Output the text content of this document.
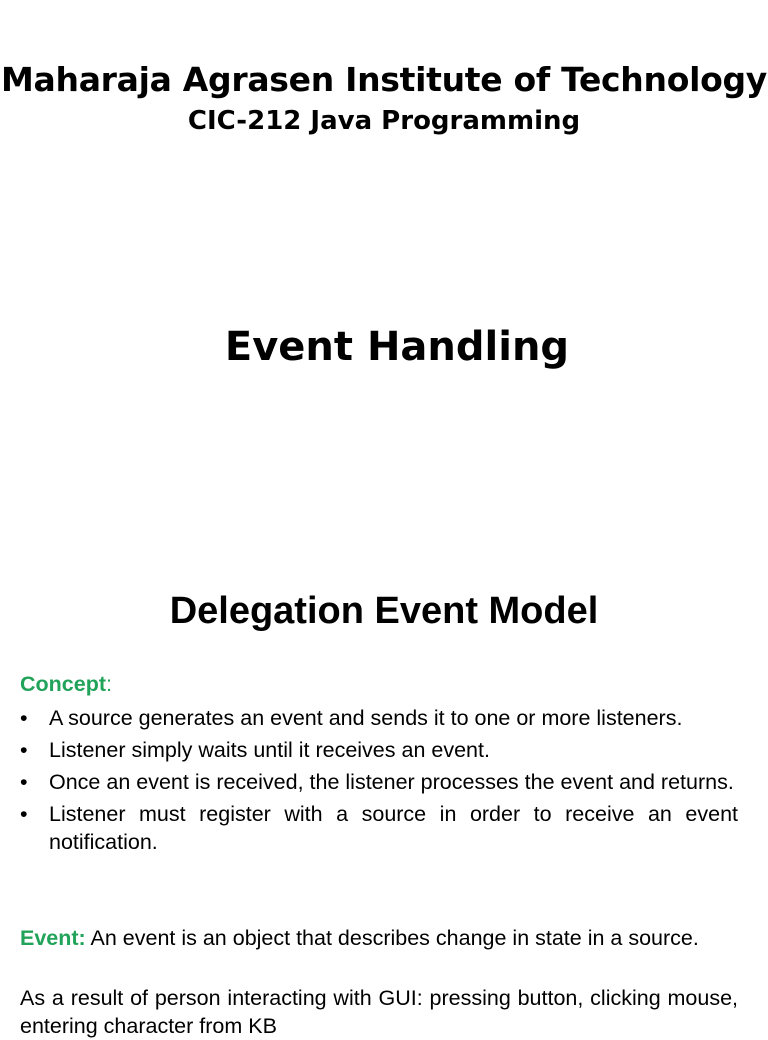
Maharaja Agrasen Institute of Technology
CIC-212 Java Programming
Event Handling
Delegation Event Model
Concept:
• A source generates an event and sends it to one or more listeners.
• Listener simply waits until it receives an event.
• Once an event is received, the listener processes the event and returns.
• Listener must register with a source in order to receive an event notification.
Event: An event is an object that describes change in state in a source.
As a result of person interacting with GUI: pressing button, clicking mouse, entering character from KB
